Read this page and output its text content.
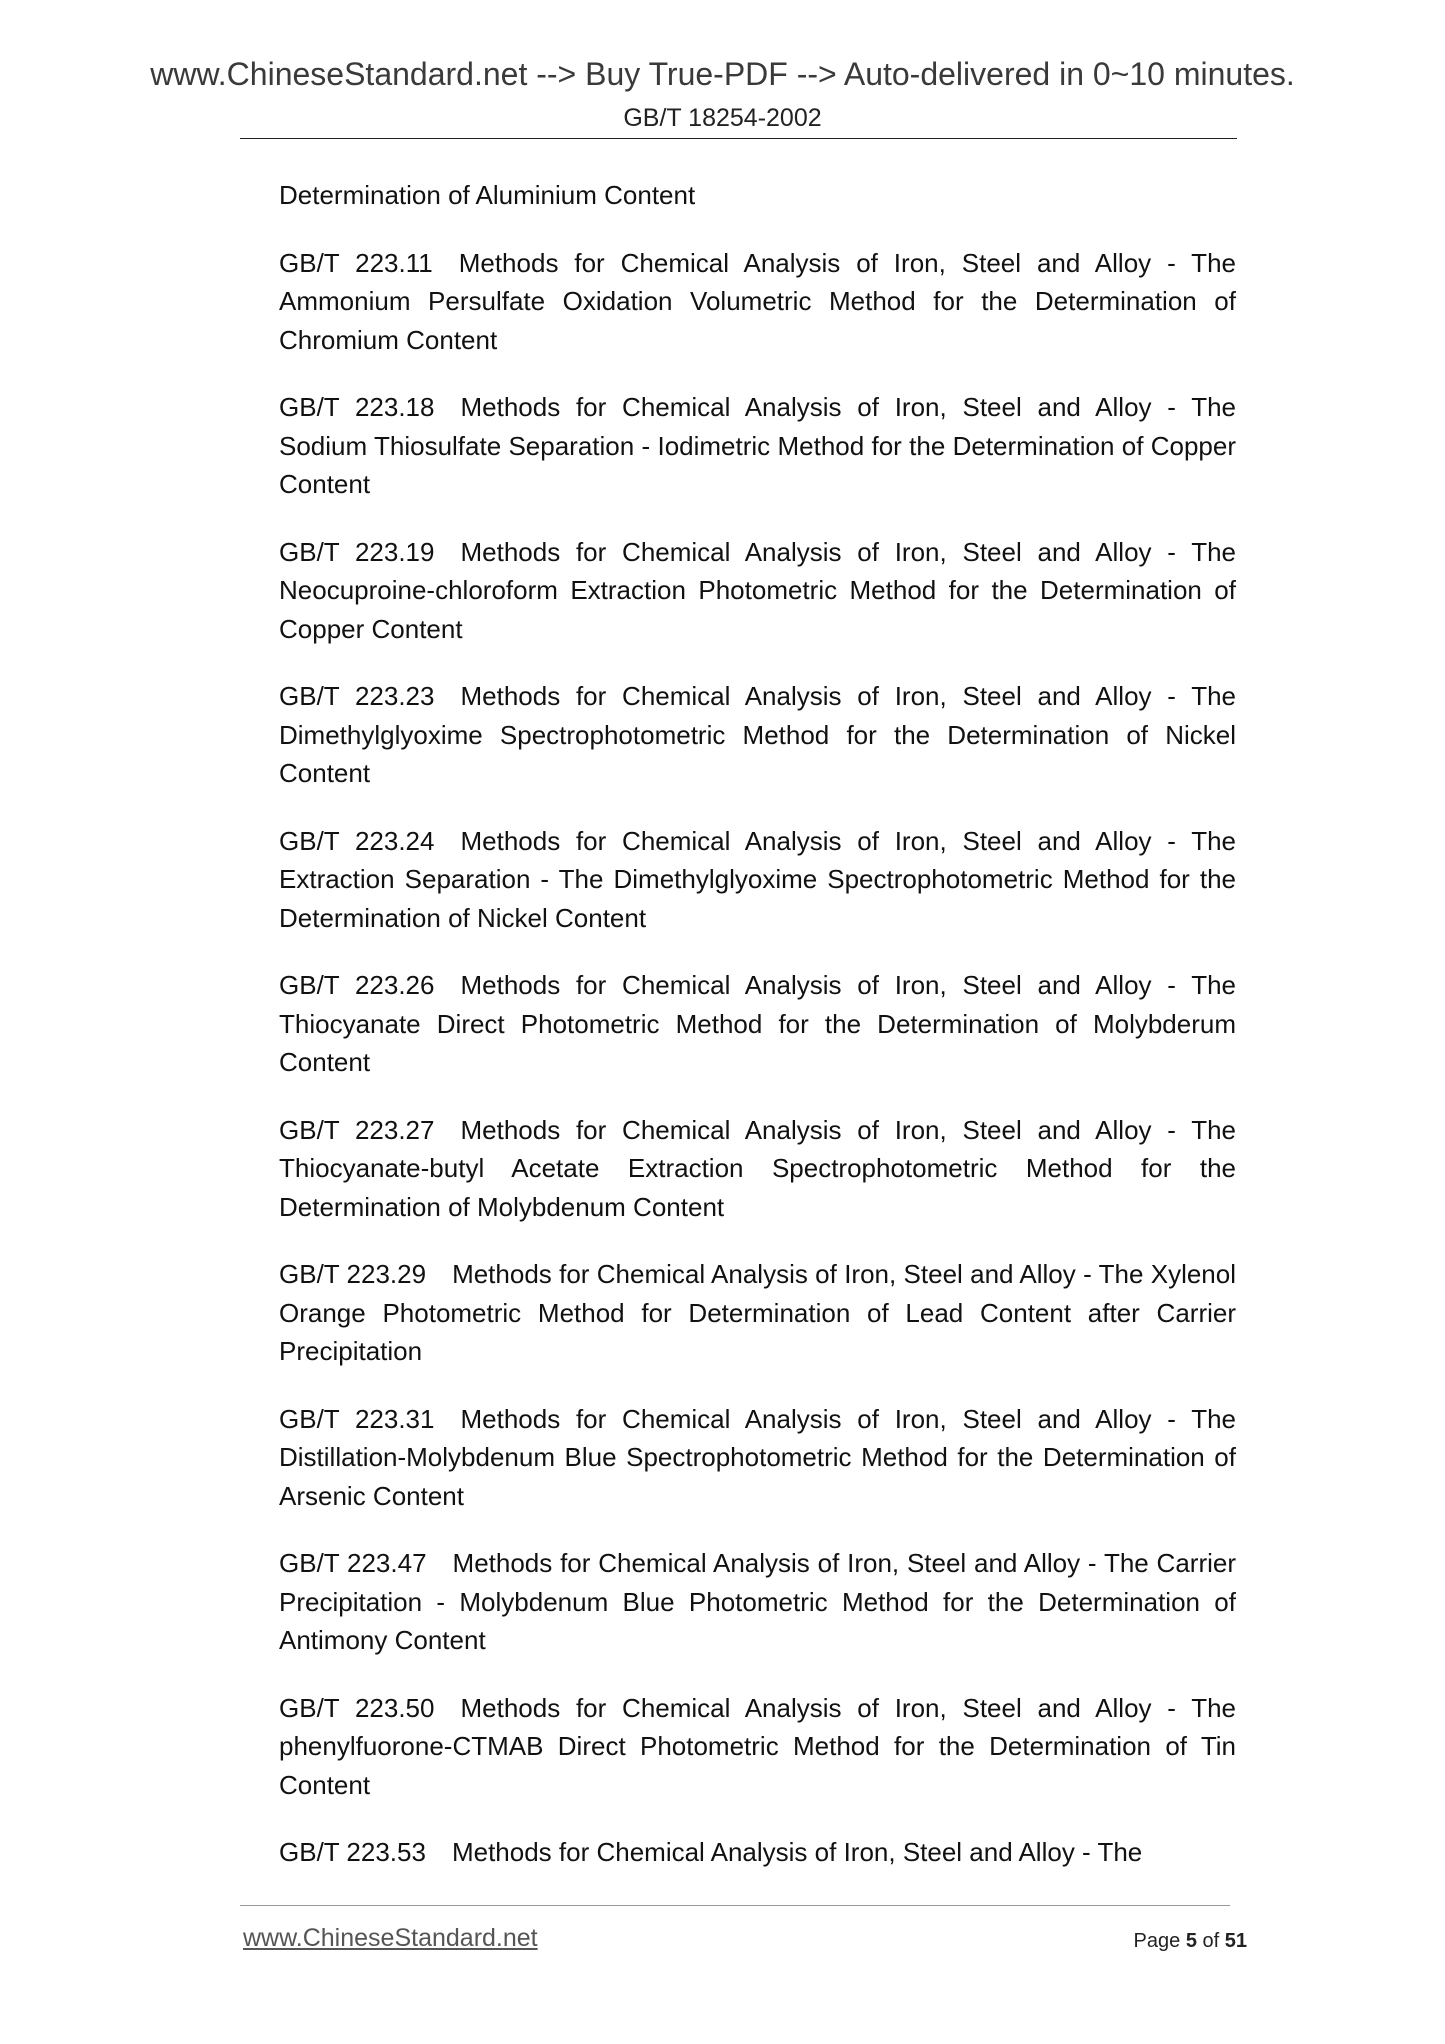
www.ChineseStandard.net --> Buy True-PDF --> Auto-delivered in 0~10 minutes.
GB/T 18254-2002

Determination of Aluminium Content

GB/T 223.11 Methods for Chemical Analysis of Iron, Steel and Alloy - The Ammonium Persulfate Oxidation Volumetric Method for the Determination of Chromium Content

GB/T 223.18 Methods for Chemical Analysis of Iron, Steel and Alloy - The Sodium Thiosulfate Separation - Iodimetric Method for the Determination of Copper Content

GB/T 223.19 Methods for Chemical Analysis of Iron, Steel and Alloy - The Neocuproine-chloroform Extraction Photometric Method for the Determination of Copper Content

GB/T 223.23 Methods for Chemical Analysis of Iron, Steel and Alloy - The Dimethylglyoxime Spectrophotometric Method for the Determination of Nickel Content

GB/T 223.24 Methods for Chemical Analysis of Iron, Steel and Alloy - The Extraction Separation - The Dimethylglyoxime Spectrophotometric Method for the Determination of Nickel Content

GB/T 223.26 Methods for Chemical Analysis of Iron, Steel and Alloy - The Thiocyanate Direct Photometric Method for the Determination of Molybderum Content

GB/T 223.27 Methods for Chemical Analysis of Iron, Steel and Alloy - The Thiocyanate-butyl Acetate Extraction Spectrophotometric Method for the Determination of Molybdenum Content

GB/T 223.29 Methods for Chemical Analysis of Iron, Steel and Alloy - The Xylenol Orange Photometric Method for Determination of Lead Content after Carrier Precipitation

GB/T 223.31 Methods for Chemical Analysis of Iron, Steel and Alloy - The Distillation-Molybdenum Blue Spectrophotometric Method for the Determination of Arsenic Content

GB/T 223.47 Methods for Chemical Analysis of Iron, Steel and Alloy - The Carrier Precipitation - Molybdenum Blue Photometric Method for the Determination of Antimony Content

GB/T 223.50 Methods for Chemical Analysis of Iron, Steel and Alloy - The phenylfuorone-CTMAB Direct Photometric Method for the Determination of Tin Content

GB/T 223.53 Methods for Chemical Analysis of Iron, Steel and Alloy - The

www.ChineseStandard.net	Page 5 of 51
